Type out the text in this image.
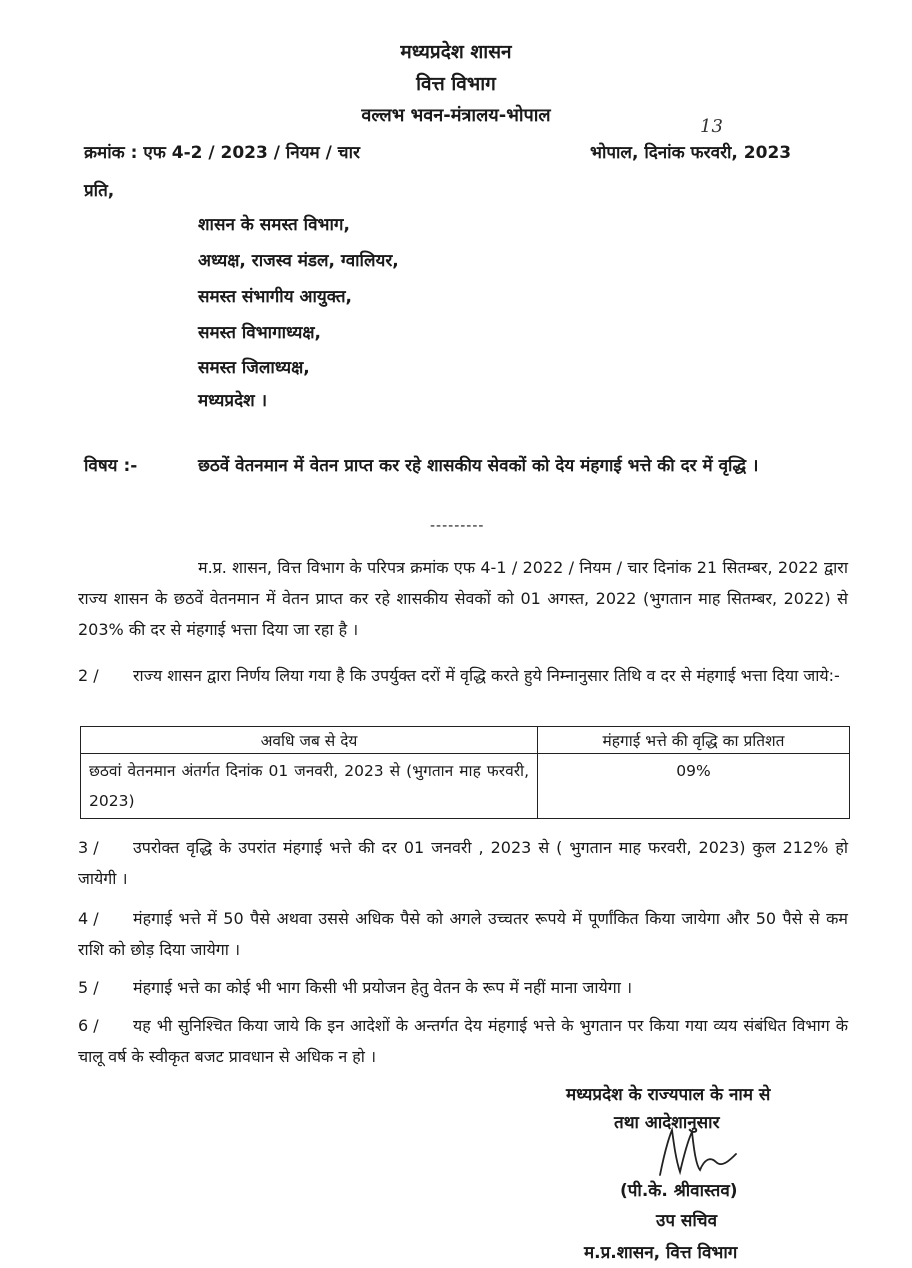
मध्यप्रदेश शासन
वित्त विभाग
वल्लभ भवन-मंत्रालय-भोपाल
क्रमांक : एफ 4-2 / 2023 / नियम / चार
13
भोपाल, दिनांक फरवरी, 2023
प्रति,
शासन के समस्त विभाग,
अध्यक्ष, राजस्व मंडल, ग्वालियर,
समस्त संभागीय आयुक्त,
समस्त विभागाध्यक्ष,
समस्त जिलाध्यक्ष,
मध्यप्रदेश ।
विषय :-	छठवें वेतनमान में वेतन प्राप्त कर रहे शासकीय सेवकों को देय मंहगाई भत्ते की दर में वृद्धि ।
---------

म.प्र. शासन, वित्त विभाग के परिपत्र क्रमांक एफ 4-1 / 2022 / नियम / चार दिनांक 21 सितम्बर, 2022 द्वारा राज्य शासन के छठवें वेतनमान में वेतन प्राप्त कर रहे शासकीय सेवकों को 01 अगस्त, 2022 (भुगतान माह सितम्बर, 2022) से 203% की दर से मंहगाई भत्ता दिया जा रहा है ।

2 / राज्य शासन द्वारा निर्णय लिया गया है कि उपर्युक्त दरों में वृद्धि करते हुये निम्नानुसार तिथि व दर से मंहगाई भत्ता दिया जाये:-

अवधि जब से देय	मंहगाई भत्ते की वृद्धि का प्रतिशत
छठवां वेतनमान अंतर्गत दिनांक 01 जनवरी, 2023 से (भुगतान माह फरवरी, 2023)	09%

3 / उपरोक्त वृद्धि के उपरांत मंहगाई भत्ते की दर 01 जनवरी , 2023 से ( भुगतान माह फरवरी, 2023) कुल 212% हो जायेगी ।

4 / मंहगाई भत्ते में 50 पैसे अथवा उससे अधिक पैसे को अगले उच्चतर रूपये में पूर्णांकित किया जायेगा और 50 पैसे से कम राशि को छोड़ दिया जायेगा ।

5 / मंहगाई भत्ते का कोई भी भाग किसी भी प्रयोजन हेतु वेतन के रूप में नहीं माना जायेगा ।

6 / यह भी सुनिश्चित किया जाये कि इन आदेशों के अन्तर्गत देय मंहगाई भत्ते के भुगतान पर किया गया व्यय संबंधित विभाग के चालू वर्ष के स्वीकृत बजट प्रावधान से अधिक न हो ।

मध्यप्रदेश के राज्यपाल के नाम से
तथा आदेशानुसार
(पी.के. श्रीवास्तव)
उप सचिव
म.प्र.शासन, वित्त विभाग
